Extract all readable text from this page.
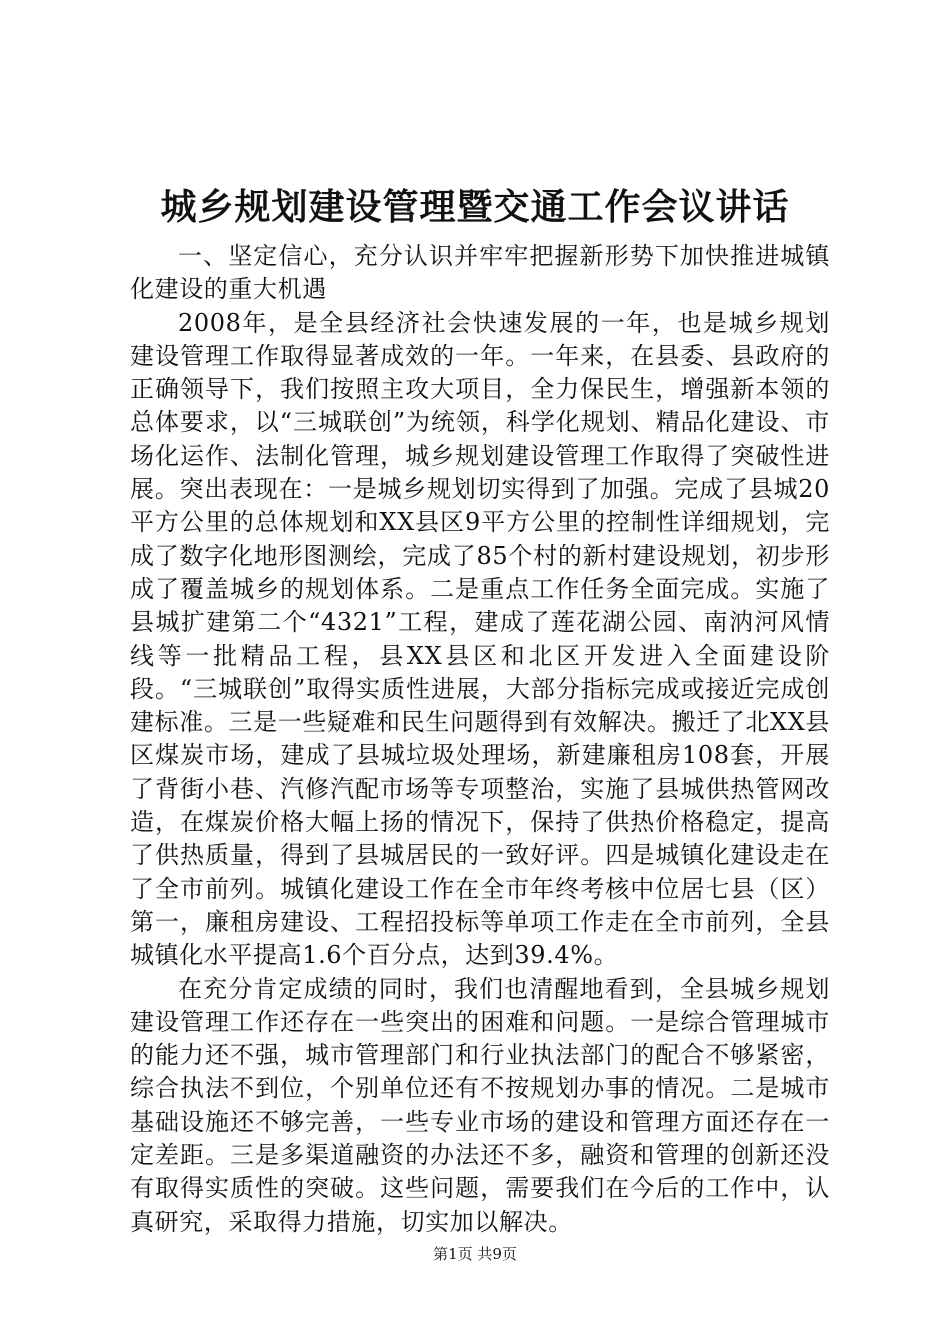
城乡规划建设管理暨交通工作会议讲话

一、坚定信心，充分认识并牢牢把握新形势下加快推进城镇化建设的重大机遇

2008年，是全县经济社会快速发展的一年，也是城乡规划建设管理工作取得显著成效的一年。一年来，在县委、县政府的正确领导下，我们按照主攻大项目，全力保民生，增强新本领的总体要求，以“三城联创”为统领，科学化规划、精品化建设、市场化运作、法制化管理，城乡规划建设管理工作取得了突破性进展。突出表现在：一是城乡规划切实得到了加强。完成了县城20平方公里的总体规划和XX县区9平方公里的控制性详细规划，完成了数字化地形图测绘，完成了85个村的新村建设规划，初步形成了覆盖城乡的规划体系。二是重点工作任务全面完成。实施了县城扩建第二个“4321”工程，建成了莲花湖公园、南汭河风情线等一批精品工程，县XX县区和北区开发进入全面建设阶段。“三城联创”取得实质性进展，大部分指标完成或接近完成创建标准。三是一些疑难和民生问题得到有效解决。搬迁了北XX县区煤炭市场，建成了县城垃圾处理场，新建廉租房108套，开展了背街小巷、汽修汽配市场等专项整治，实施了县城供热管网改造，在煤炭价格大幅上扬的情况下，保持了供热价格稳定，提高了供热质量，得到了县城居民的一致好评。四是城镇化建设走在了全市前列。城镇化建设工作在全市年终考核中位居七县（区）第一，廉租房建设、工程招投标等单项工作走在全市前列，全县城镇化水平提高1.6个百分点，达到39.4%。

在充分肯定成绩的同时，我们也清醒地看到，全县城乡规划建设管理工作还存在一些突出的困难和问题。一是综合管理城市的能力还不强，城市管理部门和行业执法部门的配合不够紧密，综合执法不到位，个别单位还有不按规划办事的情况。二是城市基础设施还不够完善，一些专业市场的建设和管理方面还存在一定差距。三是多渠道融资的办法还不多，融资和管理的创新还没有取得实质性的突破。这些问题，需要我们在今后的工作中，认真研究，采取得力措施，切实加以解决。

第1页 共9页
